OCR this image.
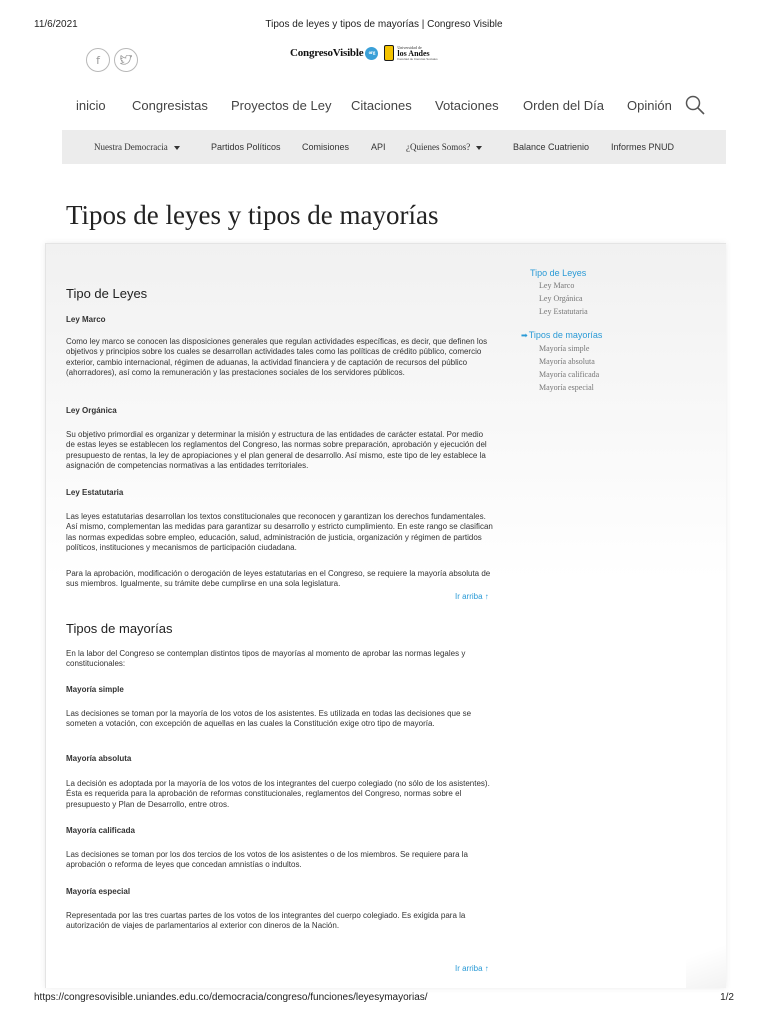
11/6/2021	Tipos de leyes y tipos de mayorías | Congreso Visible
f
CongresoVisible org
Universidad de
los Andes
Facultad de Ciencias Sociales
inicio Congresistas Proyectos de Ley Citaciones Votaciones Orden del Día Opinión
Nuestra Democracia	Partidos Políticos Comisiones API ¿Quienes Somos?	Balance Cuatrienio Informes PNUD
Tipos de leyes y tipos de mayorías
Tipo de Leyes
Ley Marco

Como ley marco se conocen las disposiciones generales que regulan actividades específicas, es decir, que definen los objetivos y principios sobre los cuales se desarrollan actividades tales como las políticas de crédito público, comercio exterior, cambio internacional, régimen de aduanas, la actividad financiera y de captación de recursos del público (ahorradores), así como la remuneración y las prestaciones sociales de los servidores públicos.

Ley Orgánica

Su objetivo primordial es organizar y determinar la misión y estructura de las entidades de carácter estatal. Por medio de estas leyes se establecen los reglamentos del Congreso, las normas sobre preparación, aprobación y ejecución del presupuesto de rentas, la ley de apropiaciones y el plan general de desarrollo. Así mismo, este tipo de ley establece la asignación de competencias normativas a las entidades territoriales.

Ley Estatutaria

Las leyes estatutarias desarrollan los textos constitucionales que reconocen y garantizan los derechos fundamentales. Así mismo, complementan las medidas para garantizar su desarrollo y estricto cumplimiento. En este rango se clasifican las normas expedidas sobre empleo, educación, salud, administración de justicia, organización y régimen de partidos políticos, instituciones y mecanismos de participación ciudadana.

Para la aprobación, modificación o derogación de leyes estatutarias en el Congreso, se requiere la mayoría absoluta de sus miembros. Igualmente, su trámite debe cumplirse en una sola legislatura.

Ir arriba ↑
Tipos de mayorías

En la labor del Congreso se contemplan distintos tipos de mayorías al momento de aprobar las normas legales y constitucionales:

Mayoría simple

Las decisiones se toman por la mayoría de los votos de los asistentes. Es utilizada en todas las decisiones que se someten a votación, con excepción de aquellas en las cuales la Constitución exige otro tipo de mayoría.

Mayoría absoluta

La decisión es adoptada por la mayoría de los votos de los integrantes del cuerpo colegiado (no sólo de los asistentes). Ésta es requerida para la aprobación de reformas constitucionales, reglamentos del Congreso, normas sobre el presupuesto y Plan de Desarrollo, entre otros.

Mayoría calificada

Las decisiones se toman por los dos tercios de los votos de los asistentes o de los miembros. Se requiere para la aprobación o reforma de leyes que concedan amnistías o indultos.

Mayoría especial

Representada por las tres cuartas partes de los votos de los integrantes del cuerpo colegiado. Es exigida para la autorización de viajes de parlamentarios al exterior con dineros de la Nación.

Ir arriba ↑
Tipo de Leyes
Ley Marco
Ley Orgánica
Ley Estatutaria
➡Tipos de mayorías
Mayoría simple
Mayoría absoluta
Mayoría calificada
Mayoría especial
https://congresovisible.uniandes.edu.co/democracia/congreso/funciones/leyesymayorias/	1/2
